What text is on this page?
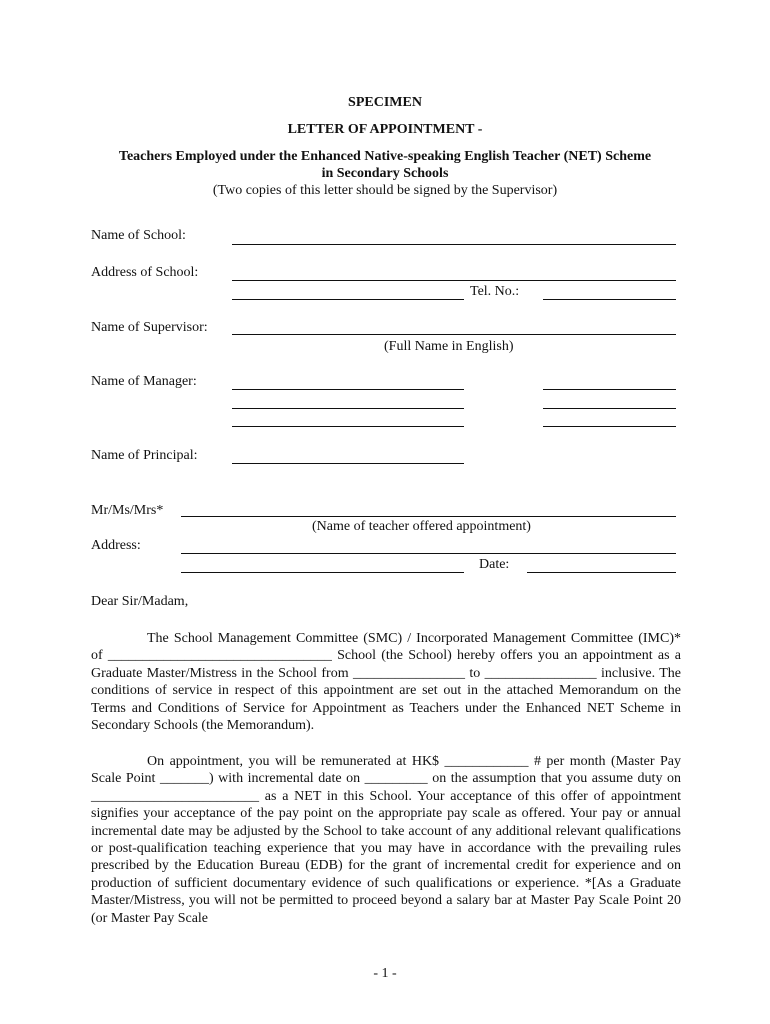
SPECIMEN
LETTER OF APPOINTMENT -
Teachers Employed under the Enhanced Native-speaking English Teacher (NET) Scheme
in Secondary Schools
(Two copies of this letter should be signed by the Supervisor)
Name of School:
Address of School:
Tel. No.:
Name of Supervisor:
(Full Name in English)
Name of Manager:
Name of Principal:
Mr/Ms/Mrs*
(Name of teacher offered appointment)
Address:
Date:
Dear Sir/Madam,

The School Management Committee (SMC) / Incorporated Management Committee (IMC)* of ________________________________ School (the School) hereby offers you an appointment as a Graduate Master/Mistress in the School from ________________ to ________________ inclusive. The conditions of service in respect of this appointment are set out in the attached Memorandum on the Terms and Conditions of Service for Appointment as Teachers under the Enhanced NET Scheme in Secondary Schools (the Memorandum).

On appointment, you will be remunerated at HK$ ____________ # per month (Master Pay Scale Point _______) with incremental date on _________ on the assumption that you assume duty on ________________________ as a NET in this School. Your acceptance of this offer of appointment signifies your acceptance of the pay point on the appropriate pay scale as offered. Your pay or annual incremental date may be adjusted by the School to take account of any additional relevant qualifications or post-qualification teaching experience that you may have in accordance with the prevailing rules prescribed by the Education Bureau (EDB) for the grant of incremental credit for experience and on production of sufficient documentary evidence of such qualifications or experience. *[As a Graduate Master/Mistress, you will not be permitted to proceed beyond a salary bar at Master Pay Scale Point 20 (or Master Pay Scale

- 1 -
